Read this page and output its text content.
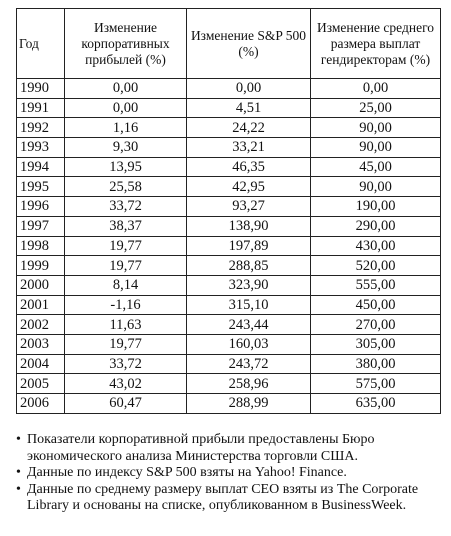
Год	Изменение корпоративных прибылей (%)	Изменение S&P 500 (%)	Изменение среднего размера выплат гендиректорам (%)
1990	0,00	0,00	0,00
1991	0,00	4,51	25,00
1992	1,16	24,22	90,00
1993	9,30	33,21	90,00
1994	13,95	46,35	45,00
1995	25,58	42,95	90,00
1996	33,72	93,27	190,00
1997	38,37	138,90	290,00
1998	19,77	197,89	430,00
1999	19,77	288,85	520,00
2000	8,14	323,90	555,00
2001	-1,16	315,10	450,00
2002	11,63	243,44	270,00
2003	19,77	160,03	305,00
2004	33,72	243,72	380,00
2005	43,02	258,96	575,00
2006	60,47	288,99	635,00
• Показатели корпоративной прибыли предоставлены Бюро экономического анализа Министерства торговли США.
• Данные по индексу S&P 500 взяты на Yahoo! Finance.
• Данные по среднему размеру выплат CEO взяты из The Corporate Library и основаны на списке, опубликованном в BusinessWeek.
